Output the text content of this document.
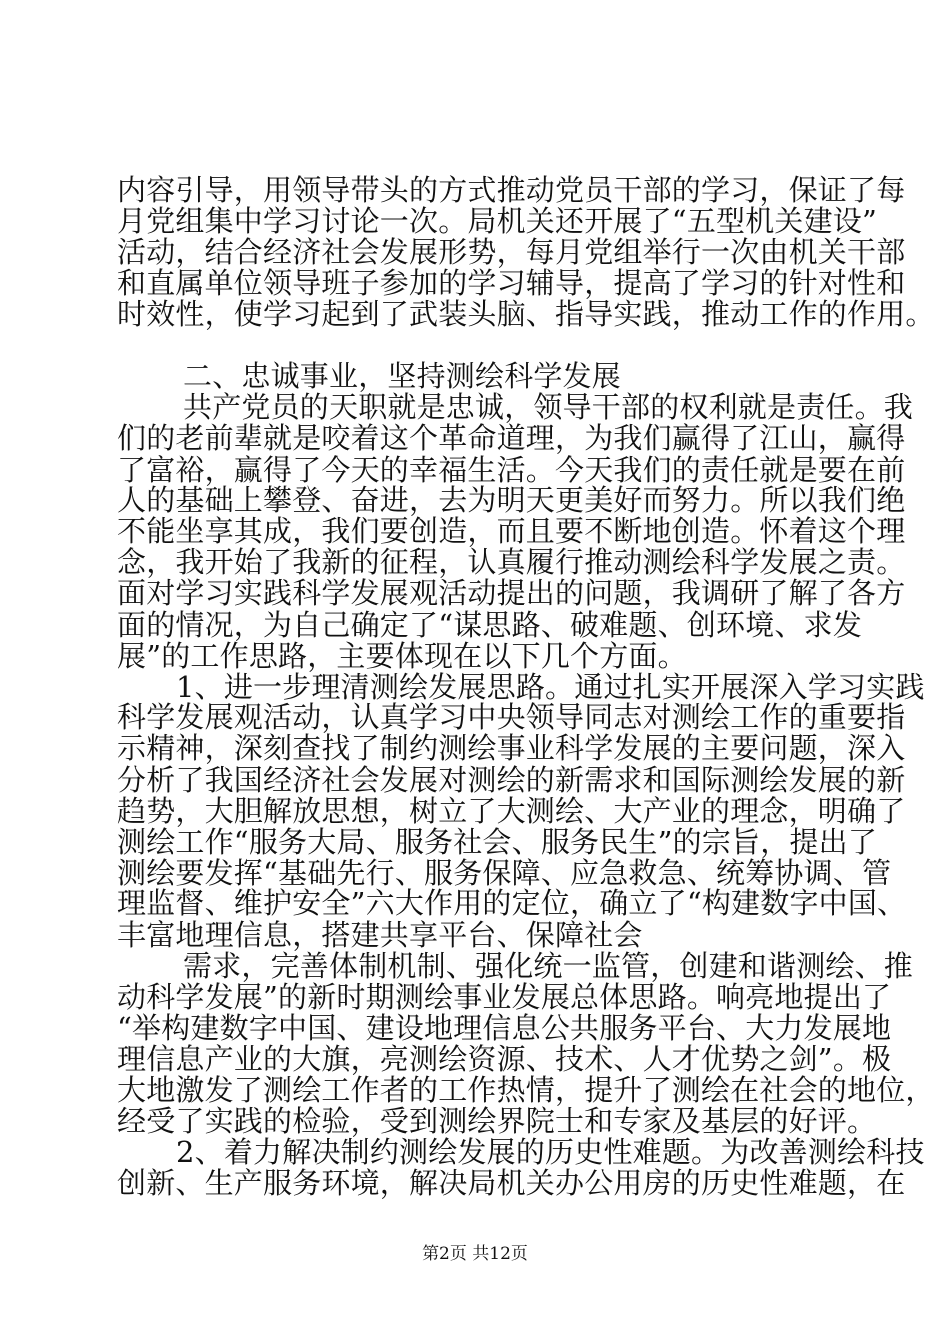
内容引导，用领导带头的方式推动党员干部的学习，保证了每
月党组集中学习讨论一次。局机关还开展了“五型机关建设”
活动，结合经济社会发展形势，每月党组举行一次由机关干部
和直属单位领导班子参加的学习辅导，提高了学习的针对性和
时效性，使学习起到了武装头脑、指导实践，推动工作的作用。
二、忠诚事业，坚持测绘科学发展
共产党员的天职就是忠诚，领导干部的权利就是责任。我
们的老前辈就是咬着这个革命道理，为我们赢得了江山，赢得
了富裕，赢得了今天的幸福生活。今天我们的责任就是要在前
人的基础上攀登、奋进，去为明天更美好而努力。所以我们绝
不能坐享其成，我们要创造，而且要不断地创造。怀着这个理
念，我开始了我新的征程，认真履行推动测绘科学发展之责。
面对学习实践科学发展观活动提出的问题，我调研了解了各方
面的情况，为自己确定了“谋思路、破难题、创环境、求发
展”的工作思路，主要体现在以下几个方面。
1、进一步理清测绘发展思路。通过扎实开展深入学习实践
科学发展观活动，认真学习中央领导同志对测绘工作的重要指
示精神，深刻查找了制约测绘事业科学发展的主要问题，深入
分析了我国经济社会发展对测绘的新需求和国际测绘发展的新
趋势，大胆解放思想，树立了大测绘、大产业的理念，明确了
测绘工作“服务大局、服务社会、服务民生”的宗旨，提出了
测绘要发挥“基础先行、服务保障、应急救急、统筹协调、管
理监督、维护安全”六大作用的定位，确立了“构建数字中国、
丰富地理信息，搭建共享平台、保障社会
需求，完善体制机制、强化统一监管，创建和谐测绘、推
动科学发展”的新时期测绘事业发展总体思路。响亮地提出了
“举构建数字中国、建设地理信息公共服务平台、大力发展地
理信息产业的大旗，亮测绘资源、技术、人才优势之剑”。极
大地激发了测绘工作者的工作热情，提升了测绘在社会的地位，
经受了实践的检验，受到测绘界院士和专家及基层的好评。
2、着力解决制约测绘发展的历史性难题。为改善测绘科技
创新、生产服务环境，解决局机关办公用房的历史性难题，在
第2页 共12页
